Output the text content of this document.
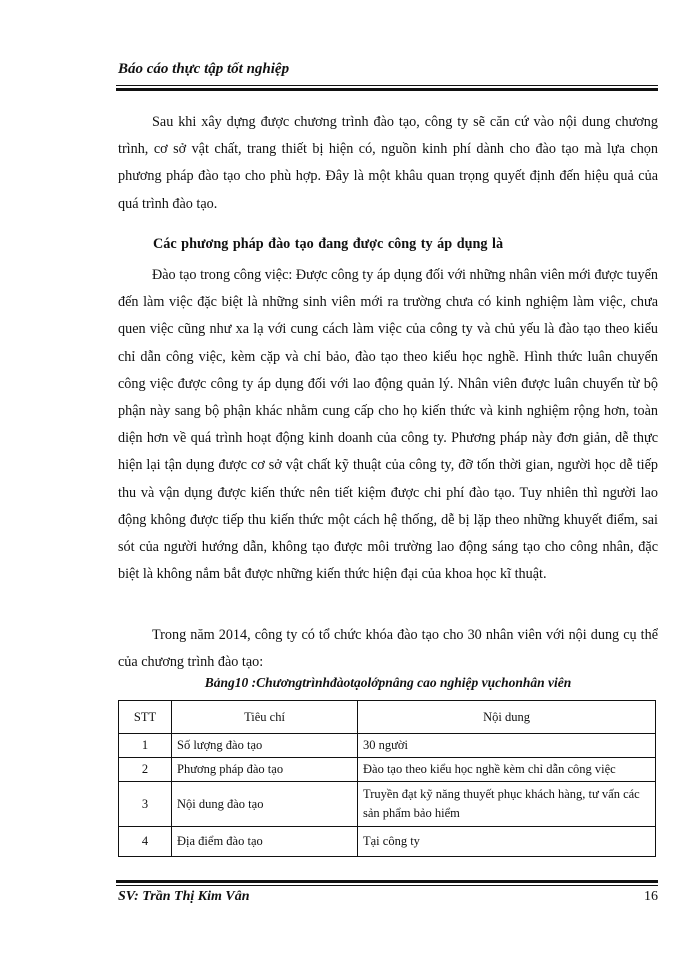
Báo cáo thực tập tốt nghiệp
Sau khi xây dựng được chương trình đào tạo, công ty sẽ căn cứ vào nội dung chương trình, cơ sở vật chất, trang thiết bị hiện có, nguồn kinh phí dành cho đào tạo mà lựa chọn phương pháp đào tạo cho phù hợp. Đây là một khâu quan trọng quyết định đến hiệu quả của quá trình đào tạo.
Các phương pháp đào tạo đang được công ty áp dụng là
Đào tạo trong công việc: Được công ty áp dụng đối với những nhân viên mới được tuyển đến làm việc đặc biệt là những sinh viên mới ra trường chưa có kinh nghiệm làm việc, chưa quen việc cũng như xa lạ với cung cách làm việc của công ty và chủ yếu là đào tạo theo kiểu chỉ dẫn công việc, kèm cặp và chỉ bảo, đào tạo theo kiểu học nghề. Hình thức luân chuyển công việc được công ty áp dụng đối với lao động quản lý. Nhân viên được luân chuyển từ bộ phận này sang bộ phận khác nhằm cung cấp cho họ kiến thức và kinh nghiệm rộng hơn, toàn diện hơn về quá trình hoạt động kinh doanh của công ty. Phương pháp này đơn giản, dễ thực hiện lại tận dụng được cơ sở vật chất kỹ thuật của công ty, đỡ tốn thời gian, người học dễ tiếp thu và vận dụng được kiến thức nên tiết kiệm được chi phí đào tạo. Tuy nhiên thì người lao động không được tiếp thu kiến thức một cách hệ thống, dễ bị lặp theo những khuyết điểm, sai sót của người hướng dẫn, không tạo được môi trường lao động sáng tạo cho công nhân, đặc biệt là không nắm bắt được những kiến thức hiện đại của khoa học kĩ thuật.
Trong năm 2014, công ty có tổ chức khóa đào tạo cho 30 nhân viên với nội dung cụ thể của chương trình đào tạo:
Bảng10 :Chươngtrìnhđàotạolớpnâng cao nghiệp vụchonhân viên
STT	Tiêu chí	Nội dung
1	Số lượng đào tạo	30 người
2	Phương pháp đào tạo	Đào tạo theo kiểu học nghề kèm chỉ dẫn công việc
3	Nội dung đào tạo	Truyền đạt kỹ năng thuyết phục khách hàng, tư vấn các sản phẩm bảo hiểm
4	Địa điểm đào tạo	Tại công ty
SV: Trần Thị Kim Vân	16
